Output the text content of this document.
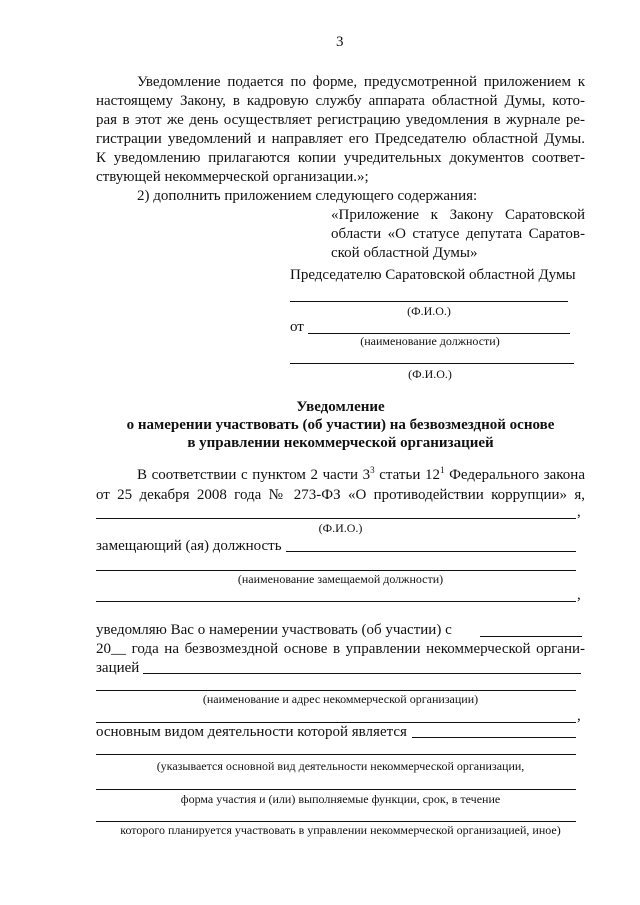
3
Уведомление подается по форме, предусмотренной приложением к
настоящему Закону, в кадровую службу аппарата областной Думы, кото-
рая в этот же день осуществляет регистрацию уведомления в журнале ре-
гистрации уведомлений и направляет его Председателю областной Думы.
К уведомлению прилагаются копии учредительных документов соответ-
ствующей некоммерческой организации.»;
2) дополнить приложением следующего содержания:
«Приложение к Закону Саратовской
области «О статусе депутата Саратов-
ской областной Думы»
Председателю Саратовской областной Думы
(Ф.И.О.)
от
(наименование должности)
(Ф.И.О.)
Уведомление
о намерении участвовать (об участии) на безвозмездной основе
в управлении некоммерческой организацией
В соответствии с пунктом 2 части $3^3$ статьи $12^1$ Федерального закона
от 25 декабря 2008 года № 273-ФЗ «О противодействии коррупции» я,
,
(Ф.И.О.)
замещающий (ая) должность
(наименование замещаемой должности)
,
уведомляю Вас о намерении участвовать (об участии) с
20__ года на безвозмездной основе в управлении некоммерческой органи-
зацией
(наименование и адрес некоммерческой организации)
,
основным видом деятельности которой является
(указывается основной вид деятельности некоммерческой организации,
форма участия и (или) выполняемые функции, срок, в течение
которого планируется участвовать в управлении некоммерческой организацией, иное)
